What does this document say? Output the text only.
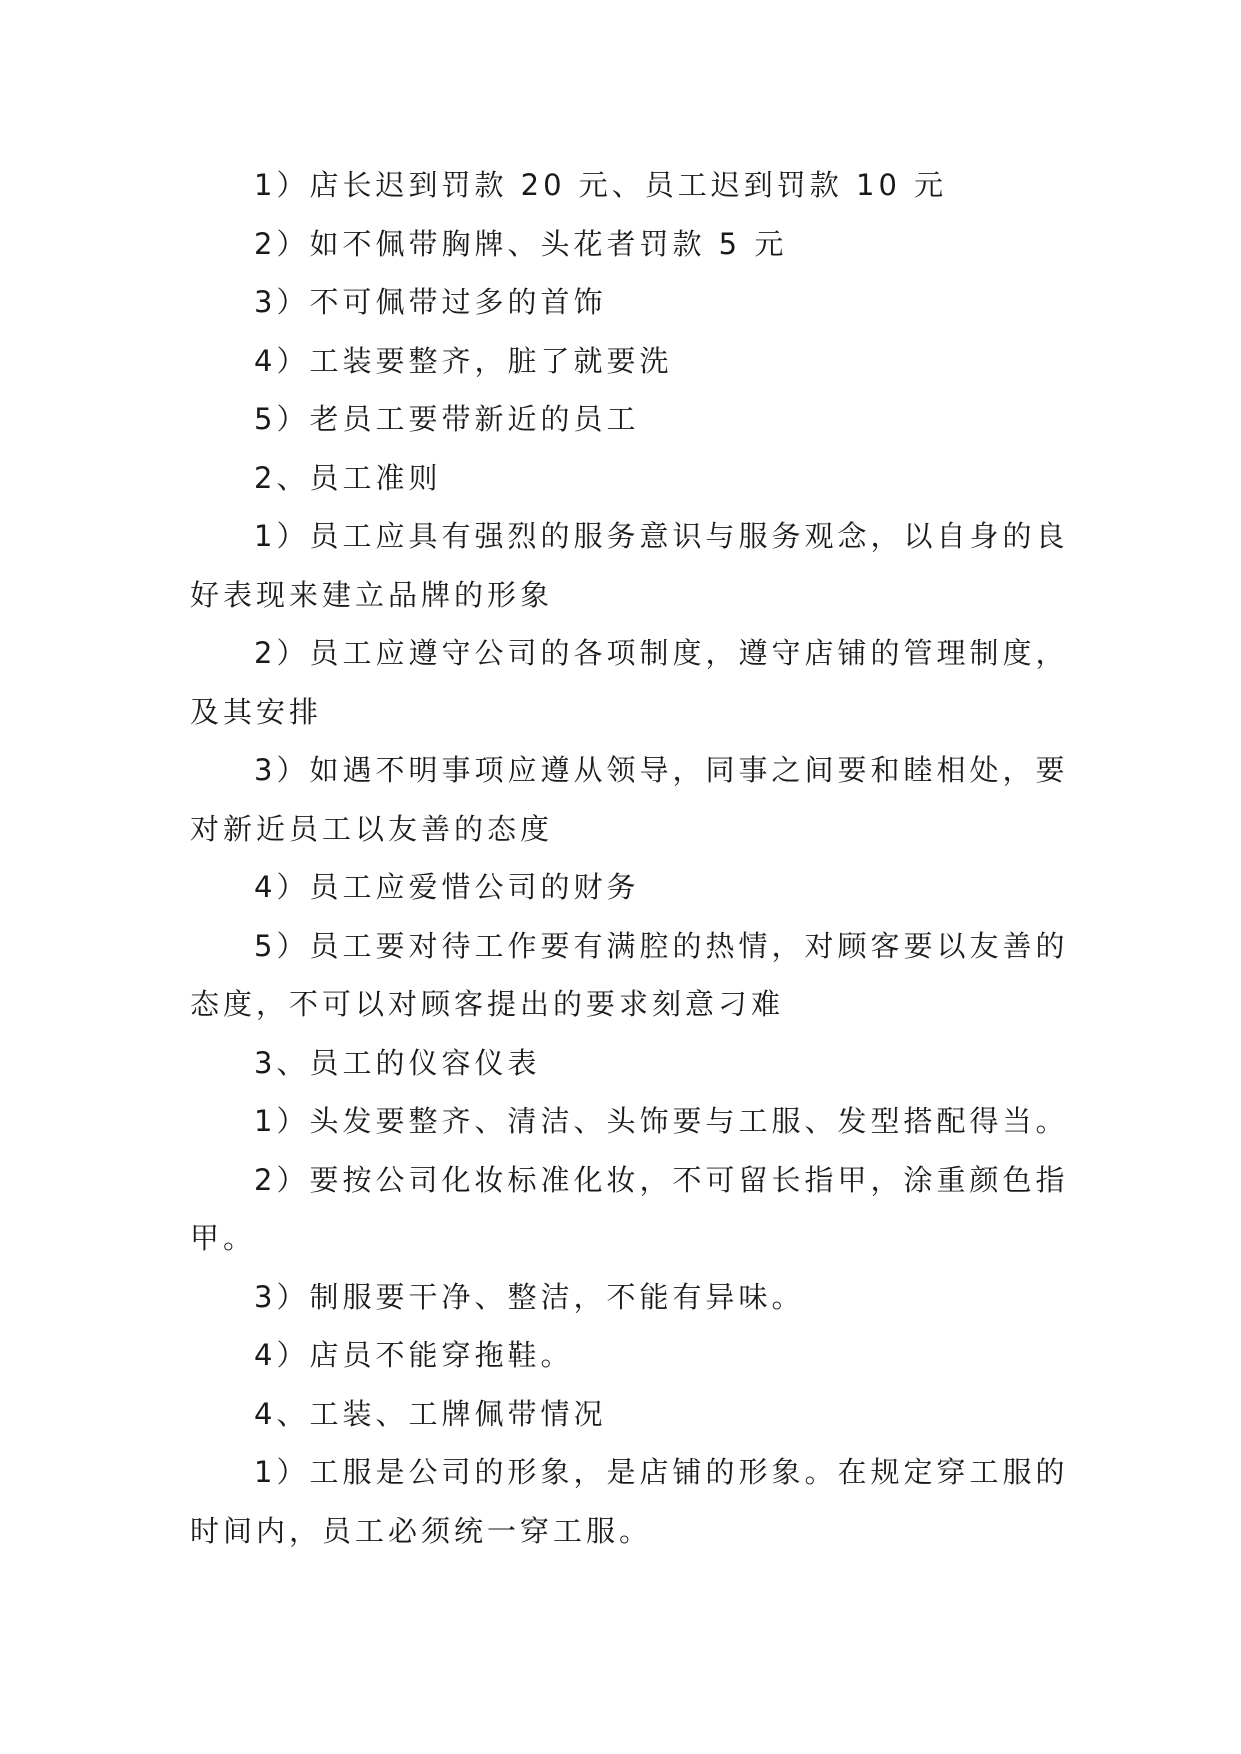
1）店长迟到罚款 20 元、员工迟到罚款 10 元

2）如不佩带胸牌、头花者罚款 5 元

3）不可佩带过多的首饰

4）工装要整齐，脏了就要洗

5）老员工要带新近的员工

2、员工准则

1）员工应具有强烈的服务意识与服务观念，以自身的良好表现来建立品牌的形象

2）员工应遵守公司的各项制度，遵守店铺的管理制度，及其安排

3）如遇不明事项应遵从领导，同事之间要和睦相处，要对新近员工以友善的态度

4）员工应爱惜公司的财务

5）员工要对待工作要有满腔的热情，对顾客要以友善的态度，不可以对顾客提出的要求刻意刁难

3、员工的仪容仪表

1）头发要整齐、清洁、头饰要与工服、发型搭配得当。

2）要按公司化妆标准化妆，不可留长指甲，涂重颜色指甲。

3）制服要干净、整洁，不能有异味。

4）店员不能穿拖鞋。

4、工装、工牌佩带情况

1）工服是公司的形象，是店铺的形象。在规定穿工服的时间内，员工必须统一穿工服。
